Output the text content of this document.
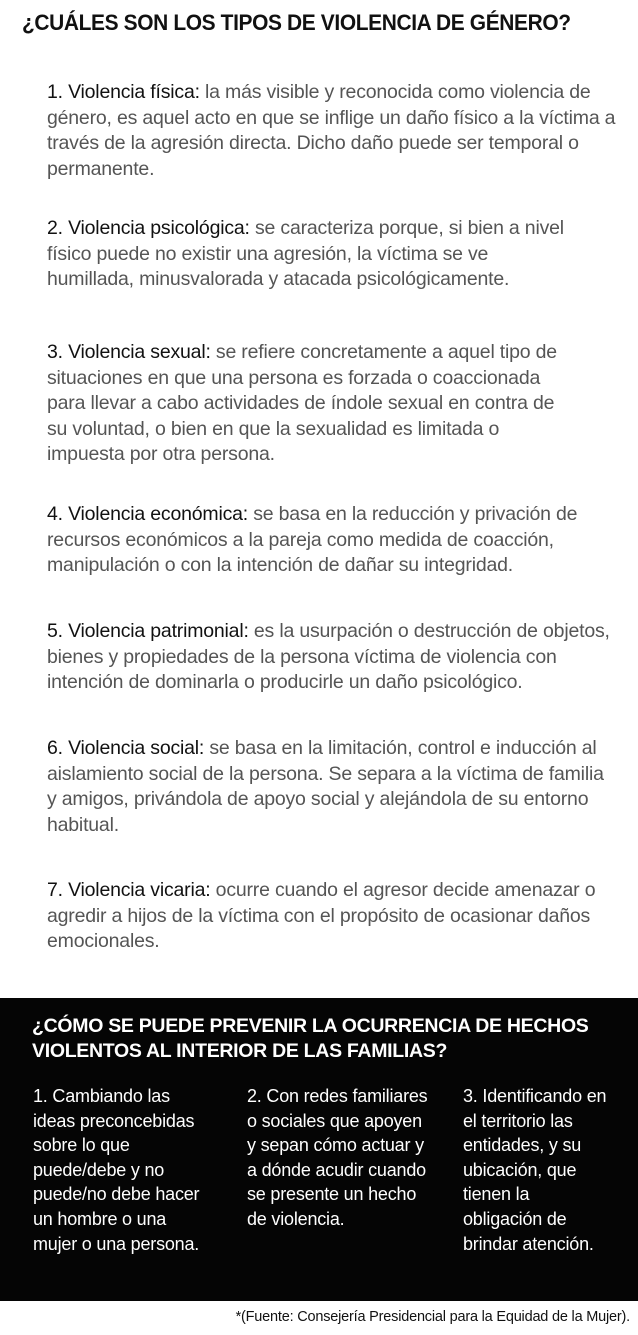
¿CUÁLES SON LOS TIPOS DE VIOLENCIA DE GÉNERO?
1. Violencia física: la más visible y reconocida como violencia de género, es aquel acto en que se inflige un daño físico a la víctima a través de la agresión directa. Dicho daño puede ser temporal o permanente.
2. Violencia psicológica: se caracteriza porque, si bien a nivel físico puede no existir una agresión, la víctima se ve humillada, minusvalorada y atacada psicológicamente.
3. Violencia sexual: se refiere concretamente a aquel tipo de situaciones en que una persona es forzada o coaccionada para llevar a cabo actividades de índole sexual en contra de su voluntad, o bien en que la sexualidad es limitada o impuesta por otra persona.
4. Violencia económica: se basa en la reducción y privación de recursos económicos a la pareja como medida de coacción, manipulación o con la intención de dañar su integridad.
5. Violencia patrimonial: es la usurpación o destrucción de objetos, bienes y propiedades de la persona víctima de violencia con intención de dominarla o producirle un daño psicológico.
6. Violencia social: se basa en la limitación, control e inducción al aislamiento social de la persona. Se separa a la víctima de familia y amigos, privándola de apoyo social y alejándola de su entorno habitual.
7. Violencia vicaria: ocurre cuando el agresor decide amenazar o agredir a hijos de la víctima con el propósito de ocasionar daños emocionales.
¿CÓMO SE PUEDE PREVENIR LA OCURRENCIA DE HECHOS VIOLENTOS AL INTERIOR DE LAS FAMILIAS?

1. Cambiando las ideas preconcebidas sobre lo que puede/debe y no puede/no debe hacer un hombre o una mujer o una persona.

2. Con redes familiares o sociales que apoyen y sepan cómo actuar y a dónde acudir cuando se presente un hecho de violencia.

3. Identificando en el territorio las entidades, y su ubicación, que tienen la obligación de brindar atención.

*(Fuente: Consejería Presidencial para la Equidad de la Mujer).
